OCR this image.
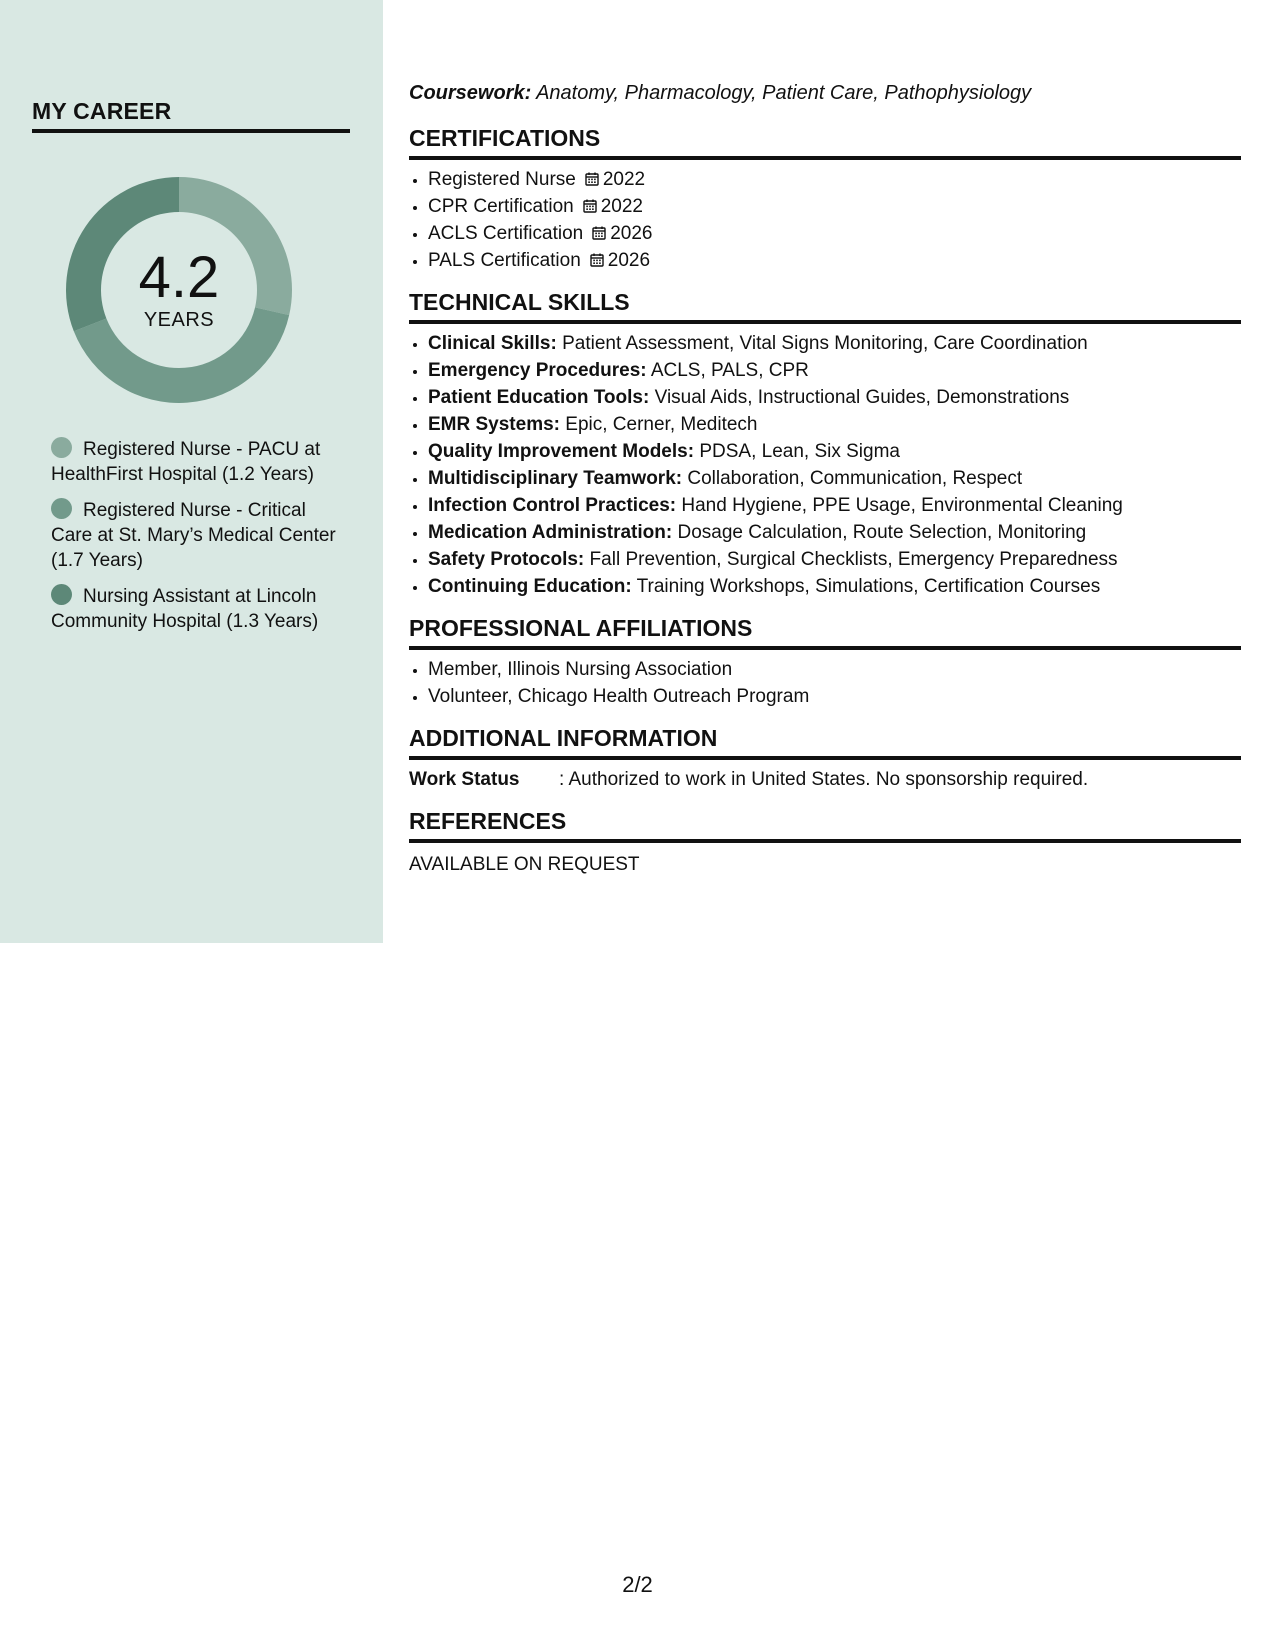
MY CAREER
4.2
YEARS
Registered Nurse - PACU at HealthFirst Hospital (1.2 Years)
Registered Nurse - Critical Care at St. Mary’s Medical Center (1.7 Years)
Nursing Assistant at Lincoln Community Hospital (1.3 Years)
Coursework: Anatomy, Pharmacology, Patient Care, Pathophysiology
CERTIFICATIONS
• Registered Nurse 2022
• CPR Certification 2022
• ACLS Certification 2026
• PALS Certification 2026
TECHNICAL SKILLS
• Clinical Skills: Patient Assessment, Vital Signs Monitoring, Care Coordination
• Emergency Procedures: ACLS, PALS, CPR
• Patient Education Tools: Visual Aids, Instructional Guides, Demonstrations
• EMR Systems: Epic, Cerner, Meditech
• Quality Improvement Models: PDSA, Lean, Six Sigma
• Multidisciplinary Teamwork: Collaboration, Communication, Respect
• Infection Control Practices: Hand Hygiene, PPE Usage, Environmental Cleaning
• Medication Administration: Dosage Calculation, Route Selection, Monitoring
• Safety Protocols: Fall Prevention, Surgical Checklists, Emergency Preparedness
• Continuing Education: Training Workshops, Simulations, Certification Courses
PROFESSIONAL AFFILIATIONS
• Member, Illinois Nursing Association
• Volunteer, Chicago Health Outreach Program
ADDITIONAL INFORMATION
Work Status : Authorized to work in United States. No sponsorship required.
REFERENCES
AVAILABLE ON REQUEST
2/2
